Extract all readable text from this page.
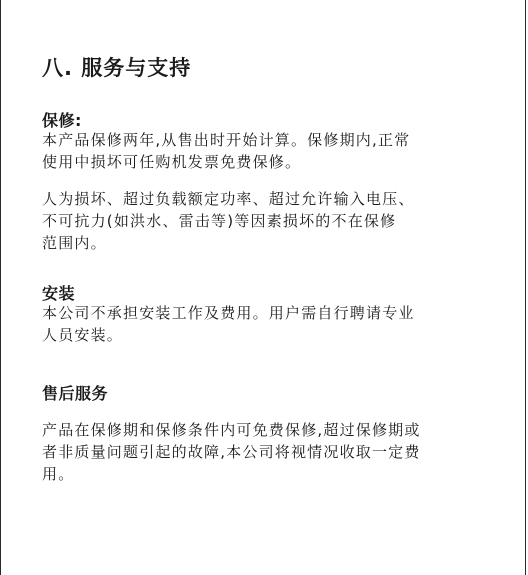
八. 服务与支持
保修:
本产品保修两年,从售出时开始计算。保修期内,正常
使用中损坏可任购机发票免费保修。
人为损坏、超过负载额定功率、超过允许输入电压、
不可抗力(如洪水、雷击等)等因素损坏的不在保修
范围内。
安装
本公司不承担安装工作及费用。用户需自行聘请专业
人员安装。
售后服务
产品在保修期和保修条件内可免费保修,超过保修期或
者非质量问题引起的故障,本公司将视情况收取一定费
用。
